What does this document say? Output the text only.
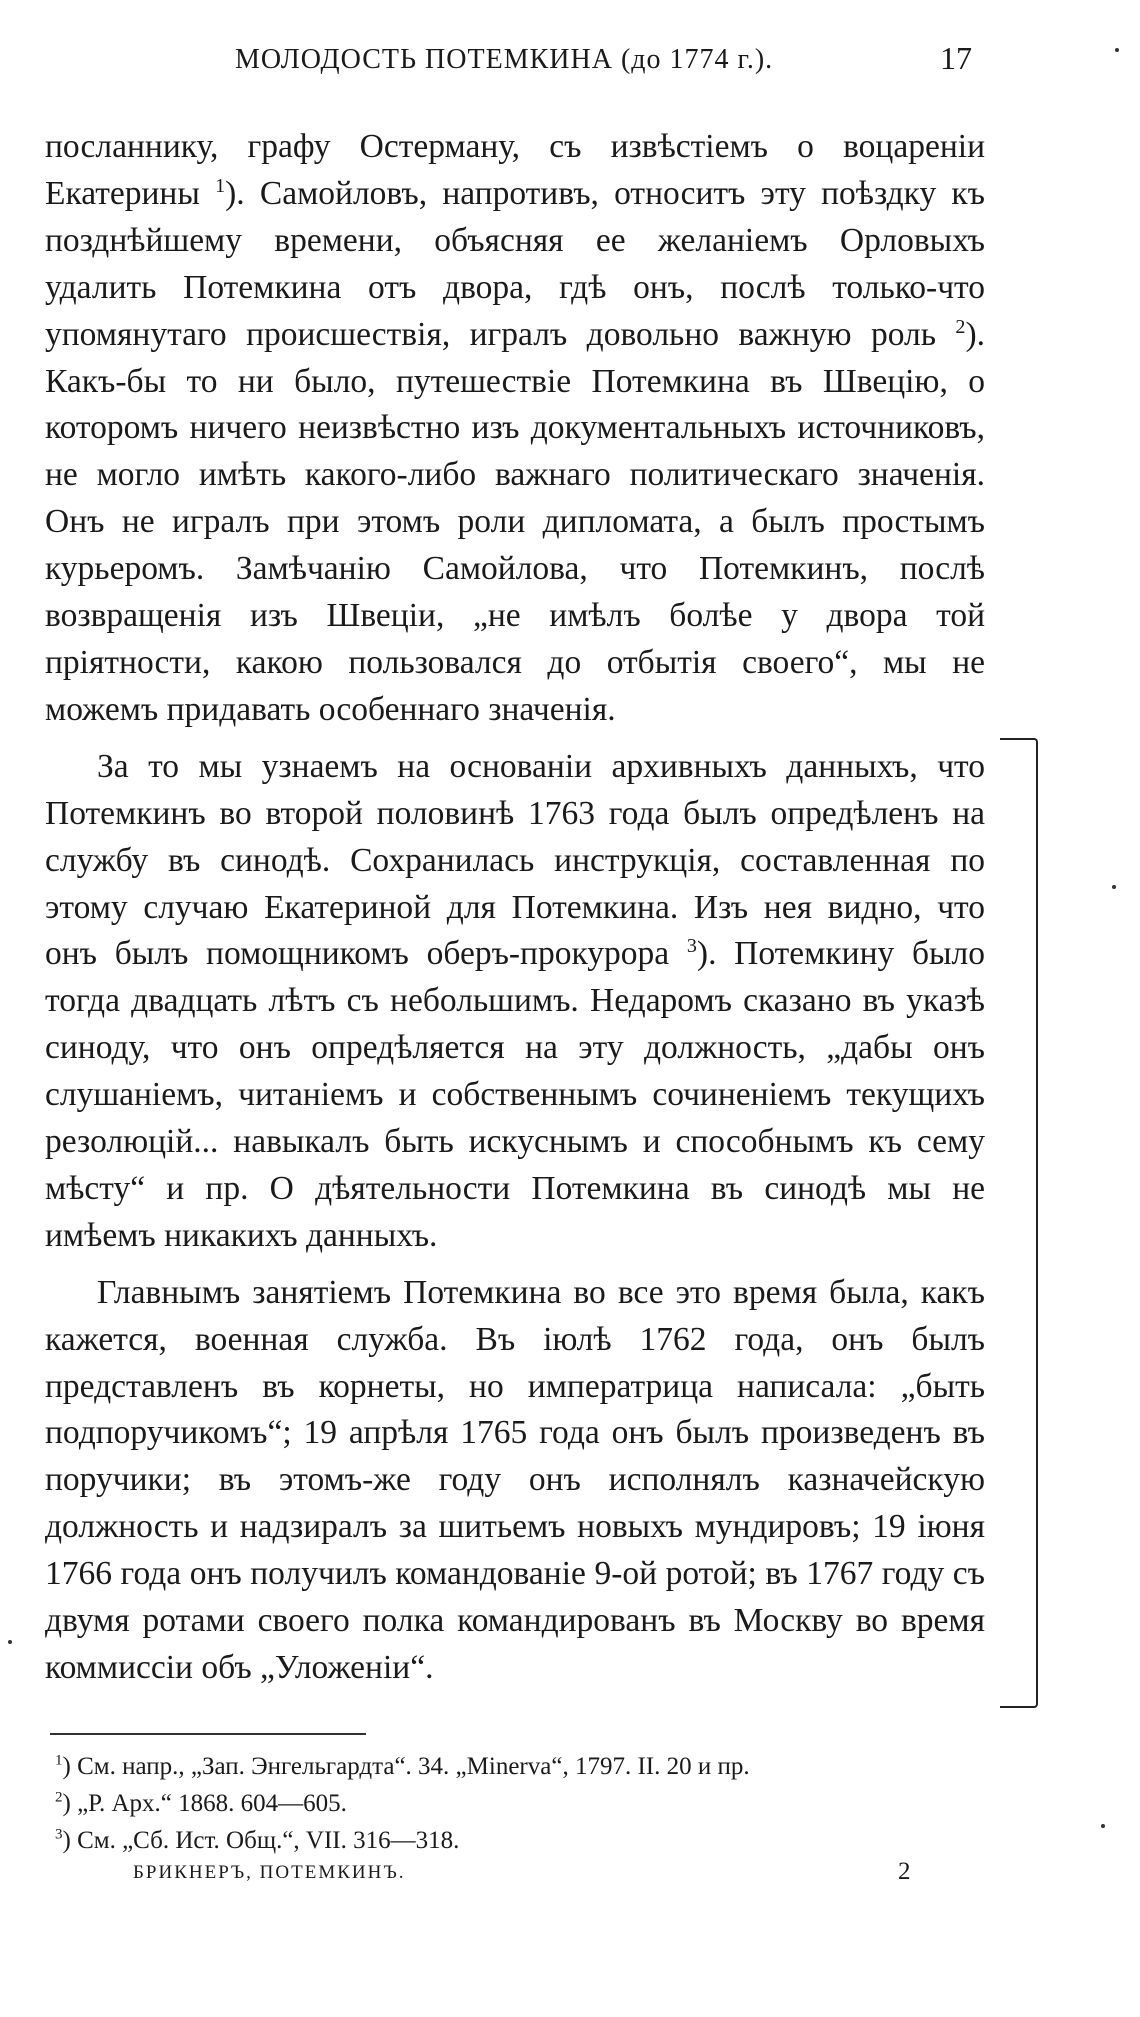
МОЛОДОСТЬ ПОТЕМКИНА (до 1774 г.).	17

посланнику, графу Остерману, съ извѣстіемъ о воцареніи Екатерины $^1$). Самойловъ, напротивъ, относитъ эту поѣздку къ позднѣйшему времени, объясняя ее желаніемъ Орловыхъ удалить Потемкина отъ двора, гдѣ онъ, послѣ только-что упомянутаго происшествія, игралъ довольно важную роль $^2$). Какъ-бы то ни было, путешествіе Потемкина въ Швецію, о которомъ ничего неизвѣстно изъ документальныхъ источниковъ, не могло имѣть какого-либо важнаго политическаго значенія. Онъ не игралъ при этомъ роли дипломата, а былъ простымъ курьеромъ. Замѣчанію Самойлова, что Потемкинъ, послѣ возвращенія изъ Швеціи, „не имѣлъ болѣе у двора той пріятности, какою пользовался до отбытія своего“, мы не можемъ придавать особеннаго значенія.

За то мы узнаемъ на основаніи архивныхъ данныхъ, что Потемкинъ во второй половинѣ 1763 года былъ опредѣленъ на службу въ синодѣ. Сохранилась инструкція, составленная по этому случаю Екатериной для Потемкина. Изъ нея видно, что онъ былъ помощникомъ оберъ-прокурора $^3$). Потемкину было тогда двадцать лѣтъ съ небольшимъ. Недаромъ сказано въ указѣ синоду, что онъ опредѣляется на эту должность, „дабы онъ слушаніемъ, читаніемъ и собственнымъ сочиненіемъ текущихъ резолюцій... навыкалъ быть искуснымъ и способнымъ къ сему мѣсту“ и пр. О дѣятельности Потемкина въ синодѣ мы не имѣемъ никакихъ данныхъ.

Главнымъ занятіемъ Потемкина во все это время была, какъ кажется, военная служба. Въ іюлѣ 1762 года, онъ былъ представленъ въ корнеты, но императрица написала: „быть подпоручикомъ“; 19 апрѣля 1765 года онъ былъ произведенъ въ поручики; въ этомъ-же году онъ исполнялъ казначейскую должность и надзиралъ за шитьемъ новыхъ мундировъ; 19 іюня 1766 года онъ получилъ командованіе 9-ой ротой; въ 1767 году съ двумя ротами своего полка командированъ въ Москву во время коммиссіи объ „Уложеніи“.

$^1$) См. напр., „Зап. Энгельгардта“. 34. „Minerva“, 1797. II. 20 и пр.
$^2$) „Р. Арх.“ 1868. 604—605.
$^3$) См. „Сб. Ист. Общ.“, VII. 316—318.
БРИКНЕРЪ, ПОТЕМКИНЪ.	2
